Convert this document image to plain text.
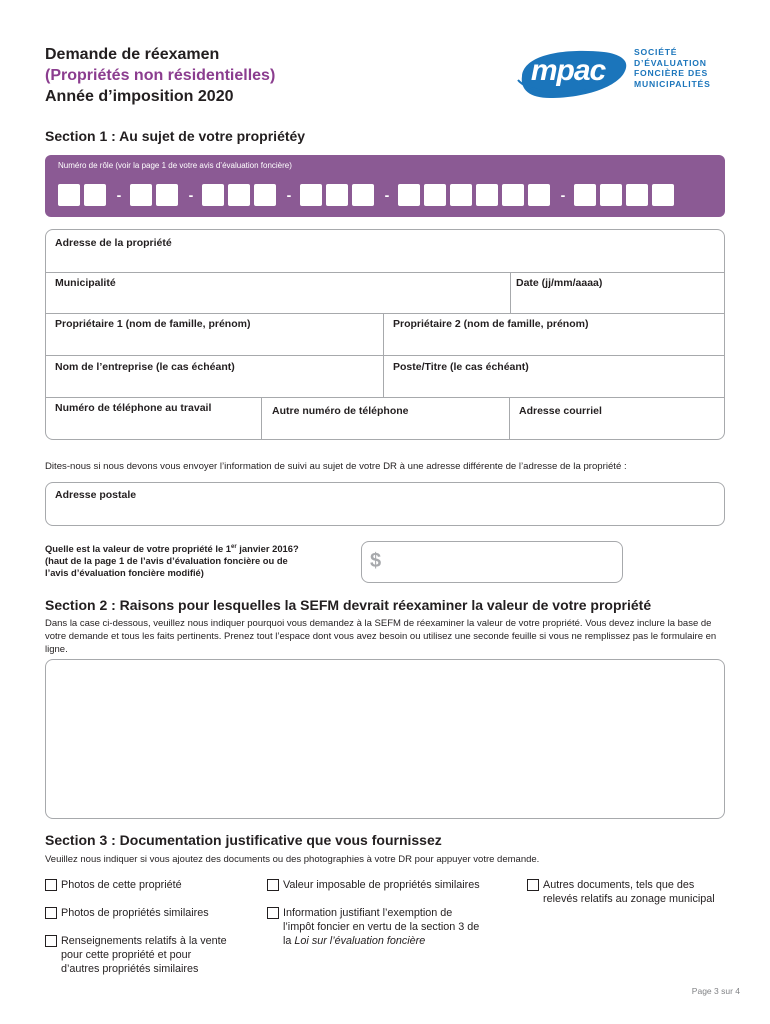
Demande de réexamen
(Propriétés non résidentielles)
Année d’imposition 2020
mpac
SOCIÉTÉ
D’ÉVALUATION
FONCIÈRE DES
MUNICIPALITÉS
Section 1 : Au sujet de votre propriétéy
Numéro de rôle (voir la page 1 de votre avis d’évaluation foncière)
-	-	-	-	-
Adresse de la propriété
Municipalité	Date (jj/mm/aaaa)
Propriétaire 1 (nom de famille, prénom)	Propriétaire 2 (nom de famille, prénom)
Nom de l’entreprise (le cas échéant)	Poste/Titre (le cas échéant)
Numéro de téléphone au travail	Autre numéro de téléphone	Adresse courriel
Dites-nous si nous devons vous envoyer l’information de suivi au sujet de votre DR à une adresse différente de l’adresse de la propriété :
Adresse postale
Quelle est la valeur de votre propriété le 1er janvier 2016?
(haut de la page 1 de l’avis d’évaluation foncière ou de
l’avis d’évaluation foncière modifié)
$
Section 2 : Raisons pour lesquelles la SEFM devrait réexaminer la valeur de votre propriété
Dans la case ci-dessous, veuillez nous indiquer pourquoi vous demandez à la SEFM de réexaminer la valeur de votre propriété. Vous devez inclure la base de votre demande et tous les faits pertinents. Prenez tout l’espace dont vous avez besoin ou utilisez une seconde feuille si vous ne remplissez pas le formulaire en ligne.
Section 3 : Documentation justificative que vous fournissez
Veuillez nous indiquer si vous ajoutez des documents ou des photographies à votre DR pour appuyer votre demande.
Photos de cette propriété
Photos de propriétés similaires
Renseignements relatifs à la vente pour cette propriété et pour d’autres propriétés similaires
Valeur imposable de propriétés similaires
Information justifiant l’exemption de l’impôt foncier en vertu de la section 3 de la Loi sur l’évaluation foncière
Autres documents, tels que des relevés relatifs au zonage municipal
Page 3 sur 4
